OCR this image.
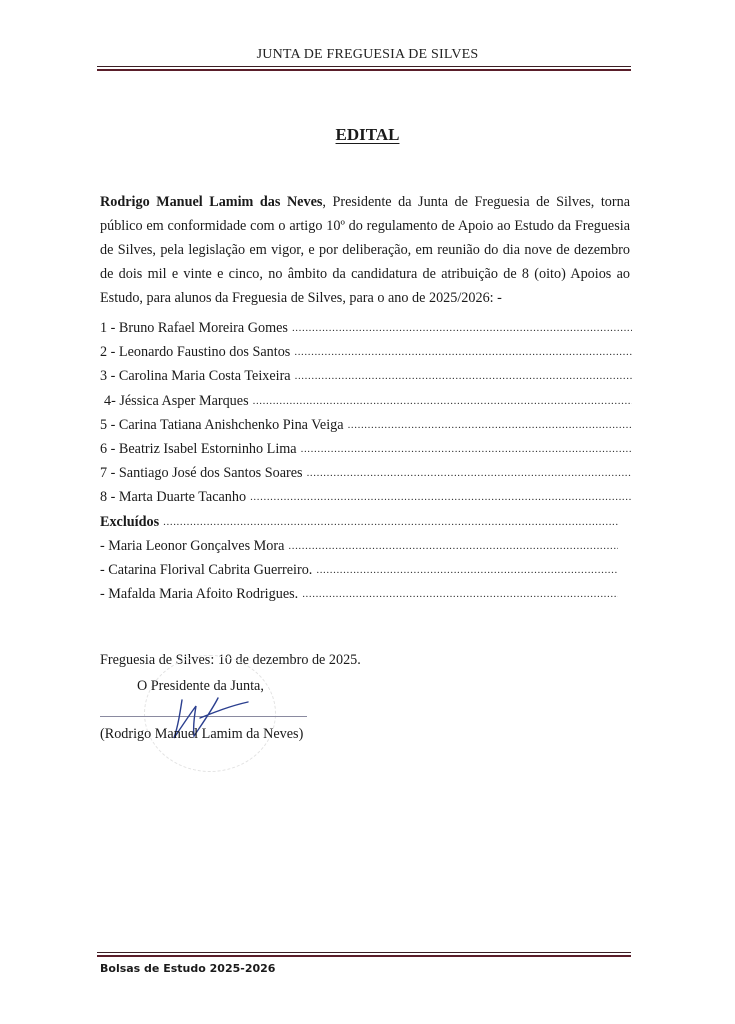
JUNTA DE FREGUESIA DE SILVES
EDITAL
Rodrigo Manuel Lamim das Neves, Presidente da Junta de Freguesia de Silves, torna público em conformidade com o artigo 10º do regulamento de Apoio ao Estudo da Freguesia de Silves, pela legislação em vigor, e por deliberação, em reunião do dia nove de dezembro de dois mil e vinte e cinco, no âmbito da candidatura de atribuição de 8 (oito) Apoios ao Estudo, para alunos da Freguesia de Silves, para o ano de 2025/2026: -
1 - Bruno Rafael Moreira Gomes
.....
2 - Leonardo Faustino dos Santos
.....
3 - Carolina Maria Costa Teixeira
.....
4- Jéssica Asper Marques
.....
5 - Carina Tatiana Anishchenko Pina Veiga
.....
6 - Beatriz Isabel Estorninho Lima
.....
7 - Santiago José dos Santos Soares
.....
8 - Marta Duarte Tacanho
.....
Excluídos
.....
- Maria Leonor Gonçalves Mora
.....
- Catarina Florival Cabrita Guerreiro.
.....
- Mafalda Maria Afoito Rodrigues.
.....
Freguesia de Silves: 10 de dezembro de 2025.
O Presidente da Junta,
(Rodrigo Manuel Lamim da Neves)
Bolsas de Estudo 2025-2026
